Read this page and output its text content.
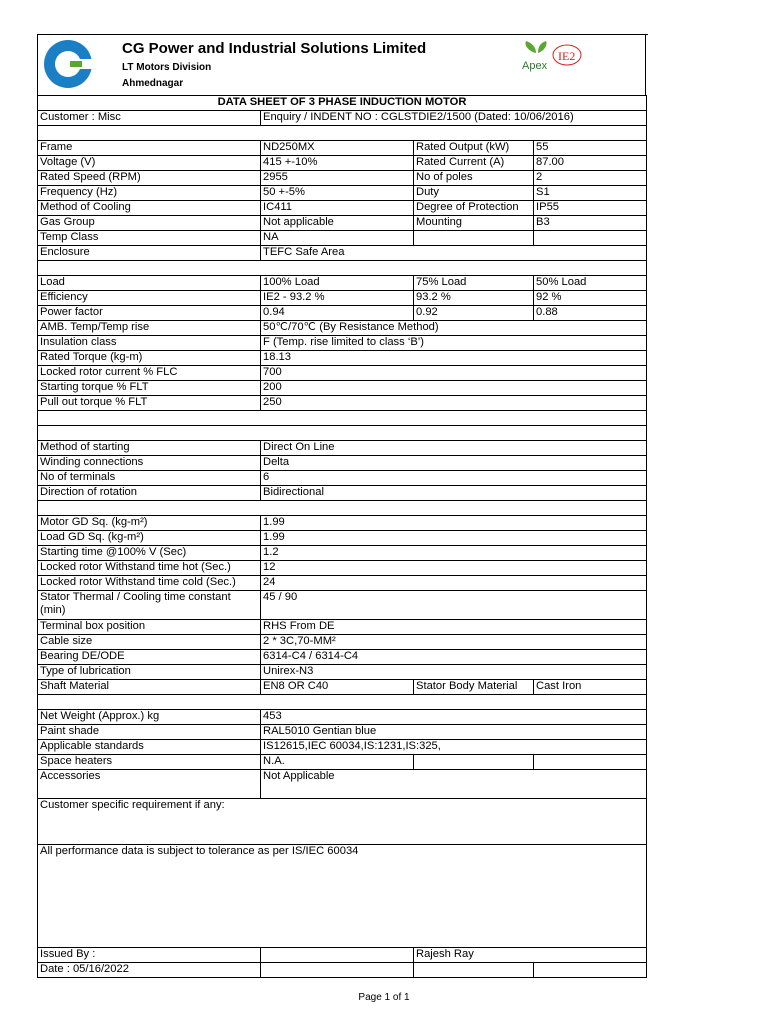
CG Power and Industrial Solutions Limited
LT Motors Division
Ahmednagar
Apex
IE2
DATA SHEET OF 3 PHASE INDUCTION MOTOR			
Customer : Misc	Enquiry / INDENT NO : CGLSTDIE2/1500 (Dated: 10/06/2016)		

Frame	ND250MX	Rated Output (kW)	55
Voltage (V)	415 +-10%	Rated Current (A)	87.00
Rated Speed (RPM)	2955	No of poles	2
Frequency (Hz)	50 +-5%	Duty	S1
Method of Cooling	IC411	Degree of Protection	IP55
Gas Group	Not applicable	Mounting	B3
Temp Class	NA		
Enclosure	TEFC Safe Area		

Load	100% Load	75% Load	50% Load
Efficiency	IE2 - 93.2 %	93.2 %	92 %
Power factor	0.94	0.92	0.88
AMB. Temp/Temp rise	50℃/70℃ (By Resistance Method)		
Insulation class	F (Temp. rise limited to class ‘B’)		
Rated Torque (kg-m)	18.13		
Locked rotor current % FLC	700		
Starting torque % FLT	200		
Pull out torque % FLT	250		

Method of starting	Direct On Line		
Winding connections	Delta		
No of terminals	6		
Direction of rotation	Bidirectional		

Motor GD Sq. (kg-m²)	1.99		
Load GD Sq. (kg-m²)	1.99		
Starting time @100% V (Sec)	1.2		
Locked rotor Withstand time hot (Sec.)	12		
Locked rotor Withstand time cold (Sec.)	24		
Stator Thermal / Cooling time constant (min)	45 / 90		
Terminal box position	RHS From DE		
Cable size	2 * 3C,70-MM²		
Bearing DE/ODE	6314-C4 / 6314-C4		
Type of lubrication	Unirex-N3		
Shaft Material	EN8 OR C40	Stator Body Material	Cast Iron

Net Weight (Approx.) kg	453		
Paint shade	RAL5010 Gentian blue		
Applicable standards	IS12615,IEC 60034,IS:1231,IS:325,		
Space heaters	N.A.		
Accessories	Not Applicable		
Customer specific requirement if any:			
All performance data is subject to tolerance as per IS/IEC 60034			
Issued By :		Rajesh Ray	
Date : 05/16/2022			
Page 1 of 1
